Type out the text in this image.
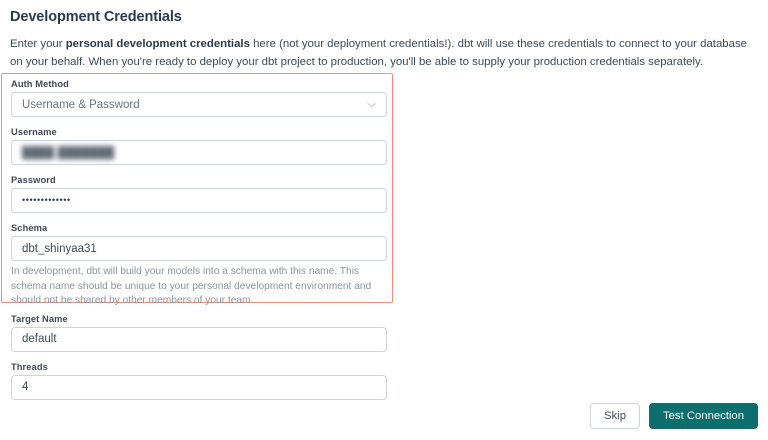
Development Credentials
Enter your personal development credentials here (not your deployment credentials!). dbt will use these credentials to connect to your database on your behalf. When you're ready to deploy your dbt project to production, you'll be able to supply your production credentials separately.
Auth Method
Username & Password
Username
████ ███████
Password
•••••••••••••
Schema
dbt_shinyaa31
In development, dbt will build your models into a schema with this name. This schema name should be unique to your personal development environment and should not be shared by other members of your team.
Target Name
default
Threads
4
Skip	Test Connection
